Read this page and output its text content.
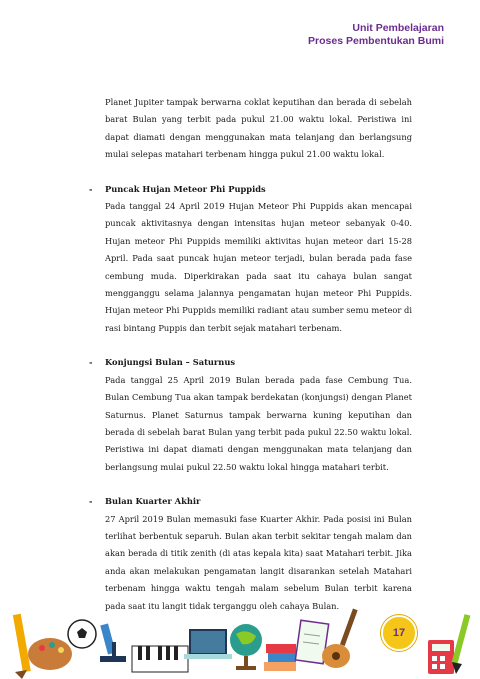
Unit Pembelajaran
Proses Pembentukan Bumi

Planet Jupiter tampak berwarna coklat keputihan dan berada di sebelah barat Bulan yang terbit pada pukul 21.00 waktu lokal. Peristiwa ini dapat diamati dengan menggunakan mata telanjang dan berlangsung mulai selepas matahari terbenam hingga pukul 21.00 waktu lokal.

- Puncak Hujan Meteor Phi Puppids

Pada tanggal 24 April 2019 Hujan Meteor Phi Puppids akan mencapai puncak aktivitasnya dengan intensitas hujan meteor sebanyak 0-40. Hujan meteor Phi Puppids memiliki aktivitas hujan meteor dari 15-28 April. Pada saat puncak hujan meteor terjadi, bulan berada pada fase cembung muda. Diperkirakan pada saat itu cahaya bulan sangat mengganggu selama jalannya pengamatan hujan meteor Phi Puppids. Hujan meteor Phi Puppids memiliki radiant atau sumber semu meteor di rasi bintang Puppis dan terbit sejak matahari terbenam.

- Konjungsi Bulan – Saturnus

Pada tanggal 25 April 2019 Bulan berada pada fase Cembung Tua. Bulan Cembung Tua akan tampak berdekatan (konjungsi) dengan Planet Saturnus. Planet Saturnus tampak berwarna kuning keputihan dan berada di sebelah barat Bulan yang terbit pada pukul 22.50 waktu lokal. Peristiwa ini dapat diamati dengan menggunakan mata telanjang dan berlangsung mulai pukul 22.50 waktu lokal hingga matahari terbit.

- Bulan Kuarter Akhir

27 April 2019 Bulan memasuki fase Kuarter Akhir. Pada posisi ini Bulan terlihat berbentuk separuh. Bulan akan terbit sekitar tengah malam dan akan berada di titik zenith (di atas kepala kita) saat Matahari terbit. Jika anda akan melakukan pengamatan langit disarankan setelah Matahari terbenam hingga waktu tengah malam sebelum Bulan terbit karena pada saat itu langit tidak terganggu oleh cahaya Bulan.

17
